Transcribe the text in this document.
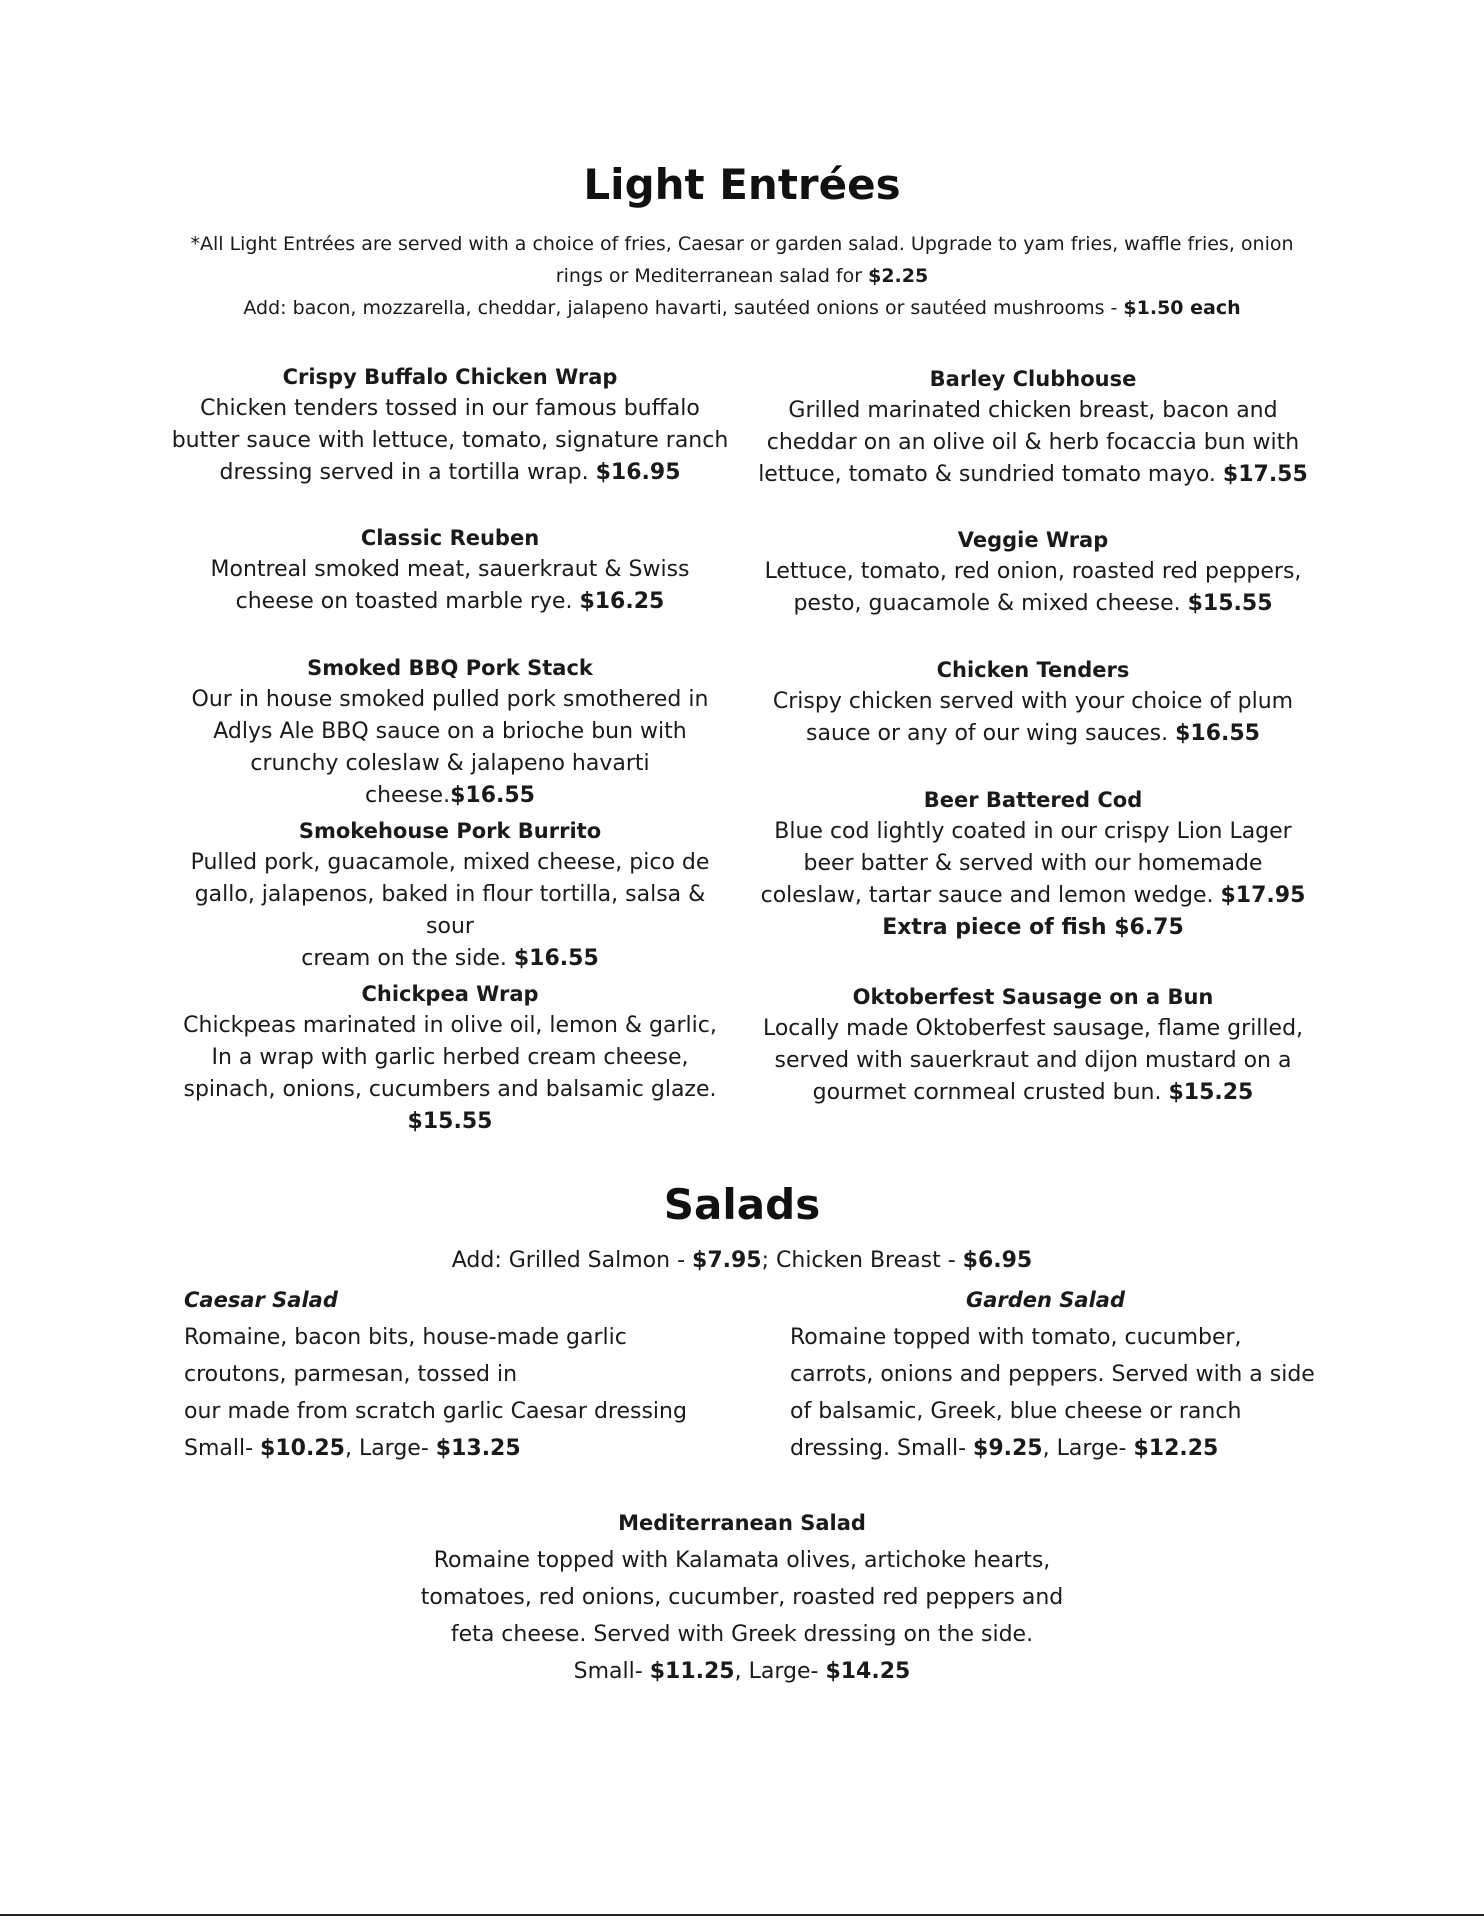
Light Entrées
*All Light Entrées are served with a choice of fries, Caesar or garden salad. Upgrade to yam fries, waffle fries, onion
rings or Mediterranean salad for $2.25
Add: bacon, mozzarella, cheddar, jalapeno havarti, sautéed onions or sautéed mushrooms - $1.50 each
Crispy Buffalo Chicken Wrap
Chicken tenders tossed in our famous buffalo
butter sauce with lettuce, tomato, signature ranch
dressing served in a tortilla wrap. $16.95
Classic Reuben
Montreal smoked meat, sauerkraut & Swiss
cheese on toasted marble rye. $16.25
Smoked BBQ Pork Stack
Our in house smoked pulled pork smothered in
Adlys Ale BBQ sauce on a brioche bun with
crunchy coleslaw & jalapeno havarti cheese.$16.55
Smokehouse Pork Burrito
Pulled pork, guacamole, mixed cheese, pico de
gallo, jalapenos, baked in flour tortilla, salsa & sour
cream on the side. $16.55
Chickpea Wrap
Chickpeas marinated in olive oil, lemon & garlic,
In a wrap with garlic herbed cream cheese,
spinach, onions, cucumbers and balsamic glaze.
$15.55
Barley Clubhouse
Grilled marinated chicken breast, bacon and
cheddar on an olive oil & herb focaccia bun with
lettuce, tomato & sundried tomato mayo. $17.55
Veggie Wrap
Lettuce, tomato, red onion, roasted red peppers,
pesto, guacamole & mixed cheese. $15.55
Chicken Tenders
Crispy chicken served with your choice of plum
sauce or any of our wing sauces. $16.55
Beer Battered Cod
Blue cod lightly coated in our crispy Lion Lager
beer batter & served with our homemade
coleslaw, tartar sauce and lemon wedge. $17.95
Extra piece of fish $6.75
Oktoberfest Sausage on a Bun
Locally made Oktoberfest sausage, flame grilled,
served with sauerkraut and dijon mustard on a
gourmet cornmeal crusted bun. $15.25
Salads
Add: Grilled Salmon - $7.95; Chicken Breast - $6.95
Caesar Salad
Romaine, bacon bits, house-made garlic
croutons, parmesan, tossed in
our made from scratch garlic Caesar dressing
Small- $10.25, Large- $13.25
Garden Salad
Romaine topped with tomato, cucumber,
carrots, onions and peppers. Served with a side
of balsamic, Greek, blue cheese or ranch
dressing. Small- $9.25, Large- $12.25
Mediterranean Salad
Romaine topped with Kalamata olives, artichoke hearts,
tomatoes, red onions, cucumber, roasted red peppers and
feta cheese. Served with Greek dressing on the side.
Small- $11.25, Large- $14.25
